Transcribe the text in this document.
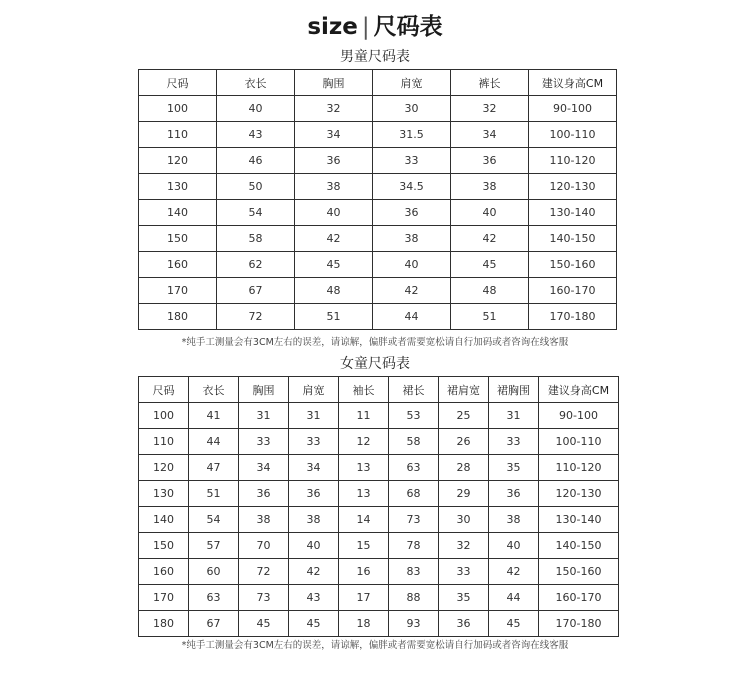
size | 尺码表
男童尺码表
尺码	衣长	胸围	肩宽	裤长	建议身高CM
100	40	32	30	32	90-100
110	43	34	31.5	34	100-110
120	46	36	33	36	110-120
130	50	38	34.5	38	120-130
140	54	40	36	40	130-140
150	58	42	38	42	140-150
160	62	45	40	45	150-160
170	67	48	42	48	160-170
180	72	51	44	51	170-180
*纯手工测量会有3CM左右的误差，请谅解，偏胖或者需要宽松请自行加码或者咨询在线客服
女童尺码表
尺码	衣长	胸围	肩宽	袖长	裙长	裙肩宽	裙胸围	建议身高CM
100	41	31	31	11	53	25	31	90-100
110	44	33	33	12	58	26	33	100-110
120	47	34	34	13	63	28	35	110-120
130	51	36	36	13	68	29	36	120-130
140	54	38	38	14	73	30	38	130-140
150	57	70	40	15	78	32	40	140-150
160	60	72	42	16	83	33	42	150-160
170	63	73	43	17	88	35	44	160-170
180	67	45	45	18	93	36	45	170-180
*纯手工测量会有3CM左右的误差，请谅解，偏胖或者需要宽松请自行加码或者咨询在线客服
